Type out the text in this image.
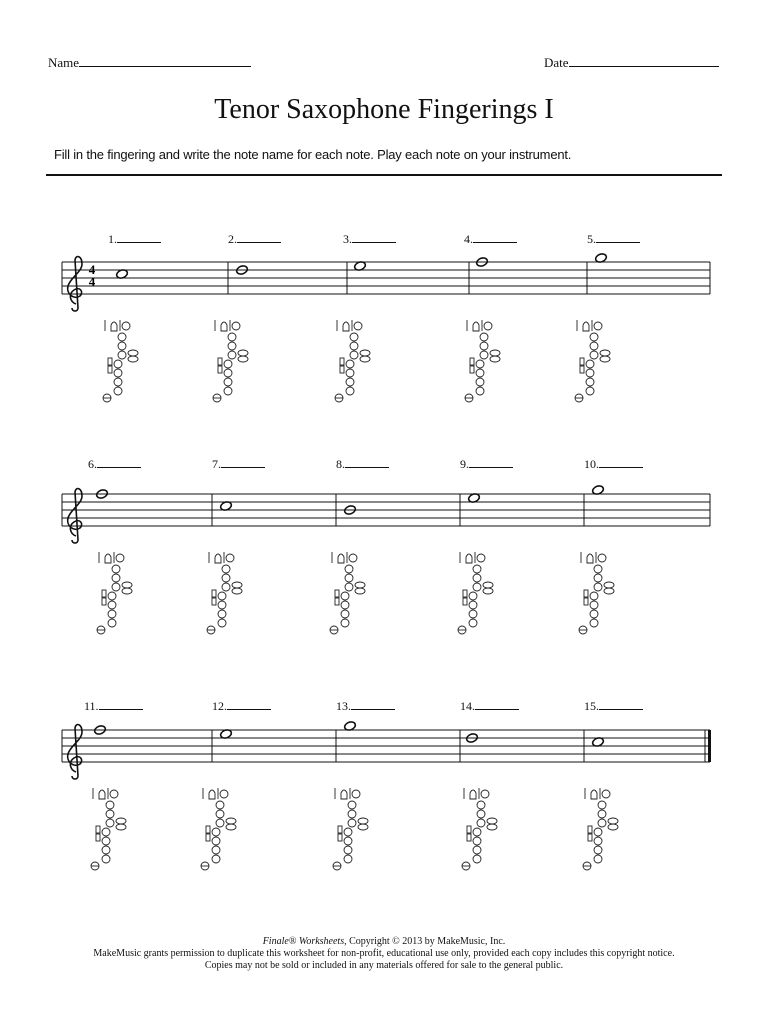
Name	Date
Tenor Saxophone Fingerings I
Fill in the fingering and write the note name for each note. Play each note on your instrument.
1.	2.	3.	4.	5.
6.	7.	8.	9.	10.
11.	12.	13.	14.	15.
4
4
Finale® Worksheets, Copyright © 2013 by MakeMusic, Inc.
MakeMusic grants permission to duplicate this worksheet for non-profit, educational use only, provided each copy includes this copyright notice.
Copies may not be sold or included in any materials offered for sale to the general public.
